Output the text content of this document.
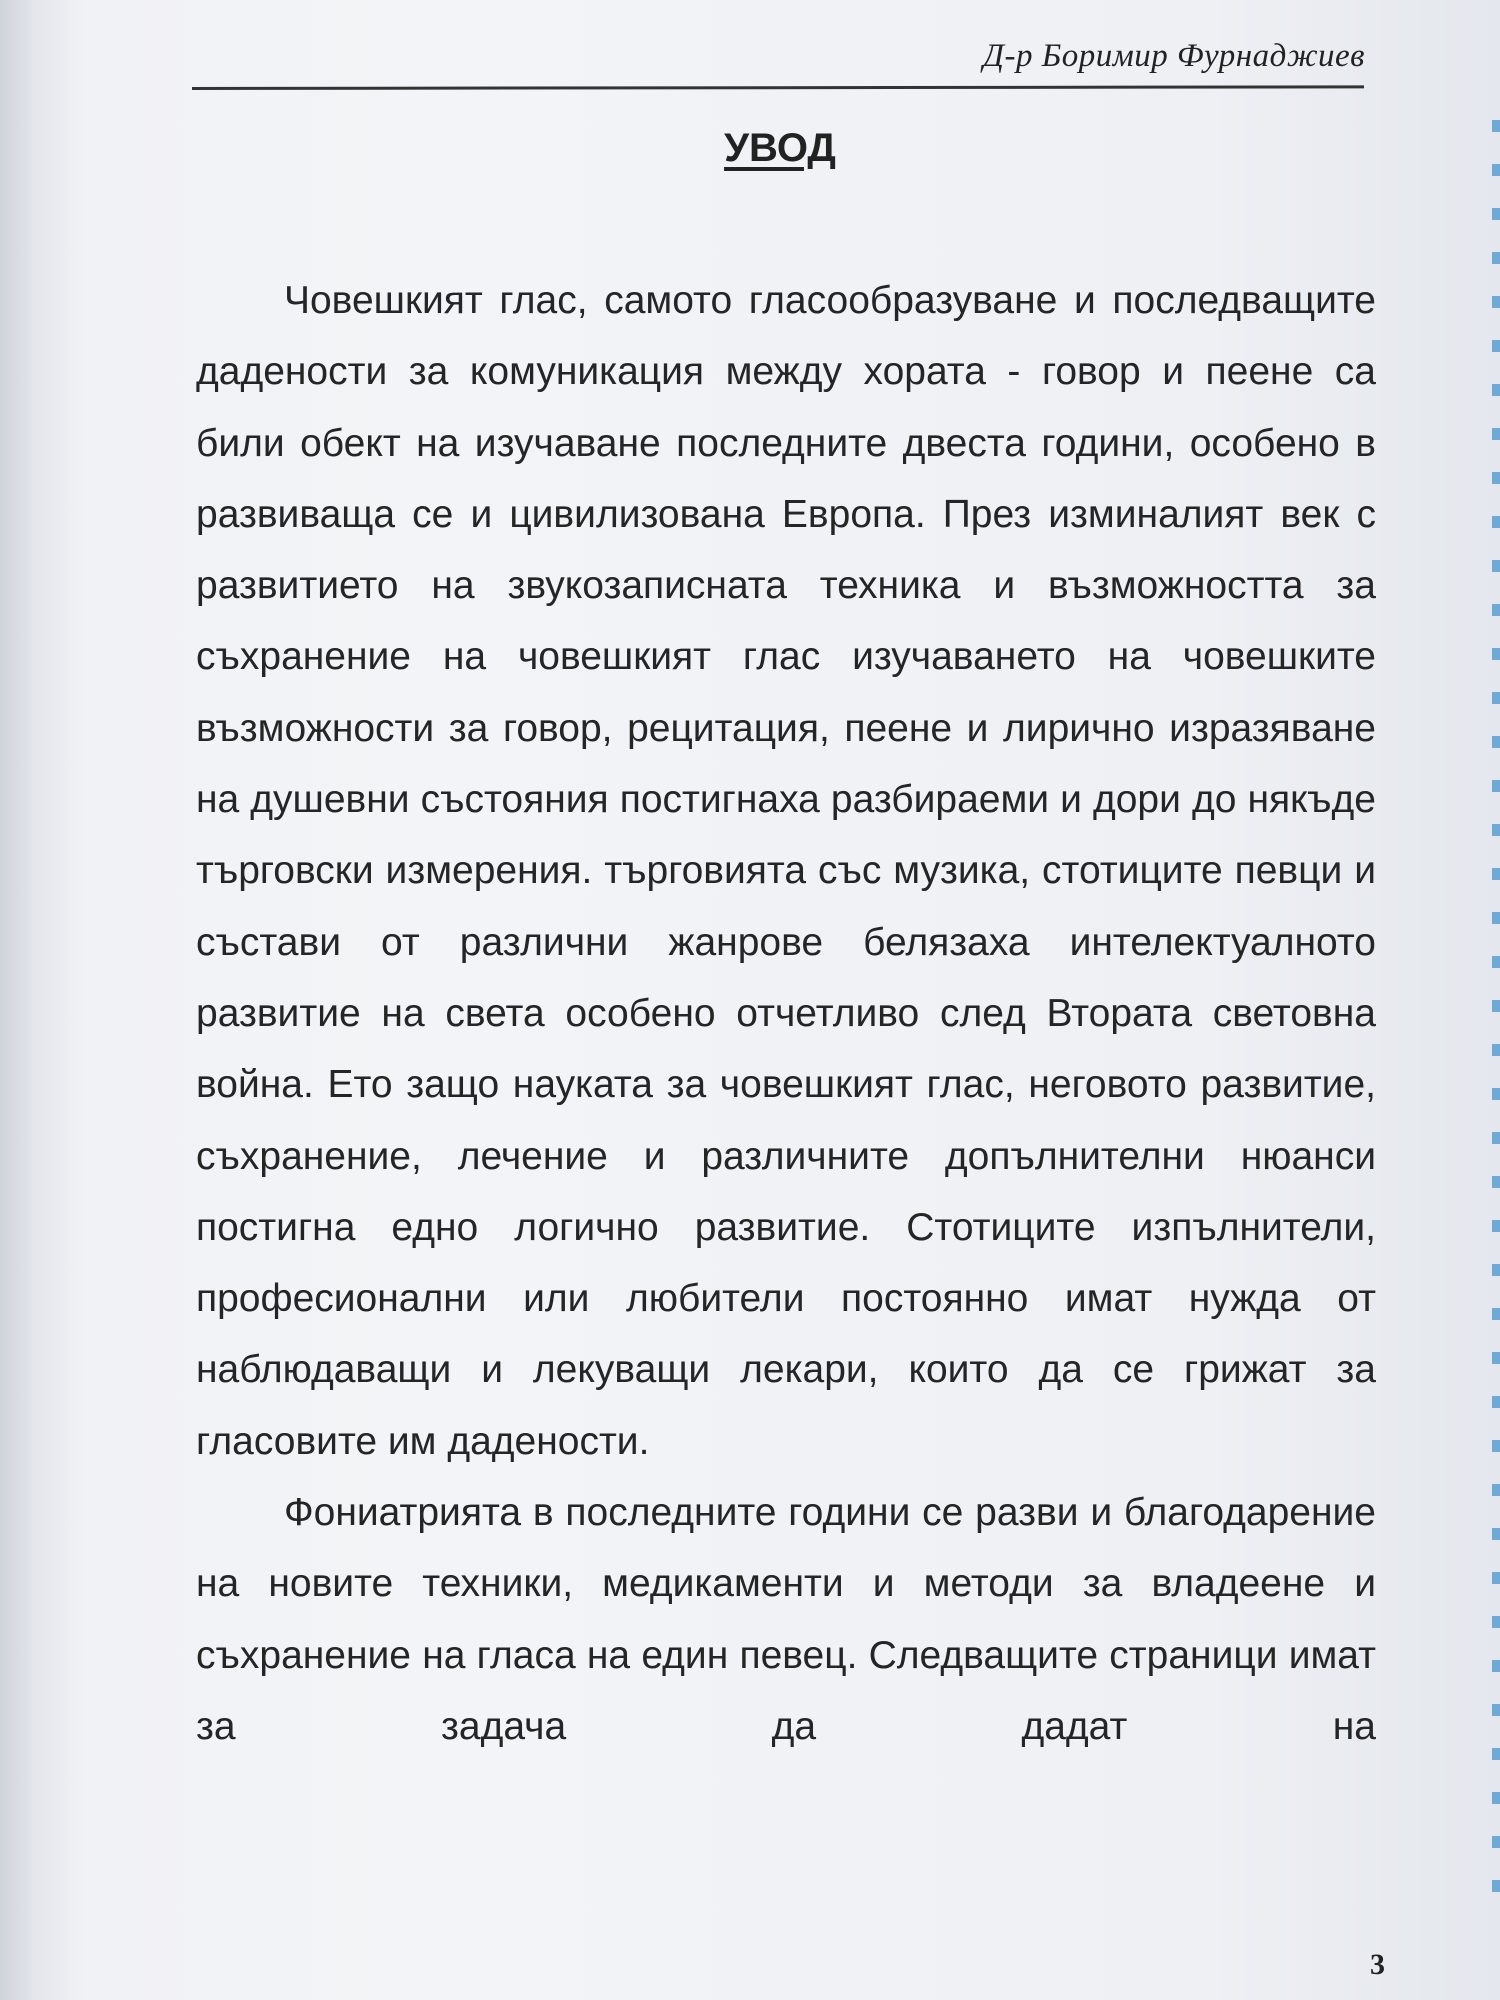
Д-р Боримир Фурнаджиев
УВОД

Човешкият глас, самото гласообразуване и последващите дадености за комуникация между хората - говор и пеене са били обект на изучаване последните двеста години, особено в развиваща се и цивилизована Европа. През изминалият век с развитието на звукозаписната техника и възможността за съхранение на човешкият глас изучаването на човешките възможности за говор, рецитация, пеене и лирично изразяване на душевни състояния постигнаха разбираеми и дори до някъде търговски измерения. търговията със музика, стотиците певци и състави от различни жанрове белязаха интелектуалното развитие на света особено отчетливо след Втората световна война. Ето защо науката за човешкият глас, неговото развитие, съхранение, лечение и различните допълнителни нюанси постигна едно логично развитие. Стотиците изпълнители, професионални или любители постоянно имат нужда от наблюдаващи и лекуващи лекари, които да се грижат за гласовите им дадености.

Фониатрията в последните години се разви и благодарение на новите техники, медикаменти и методи за владеене и съхранение на гласа на един певец. Следващите страници имат за задача да дадат на

3
